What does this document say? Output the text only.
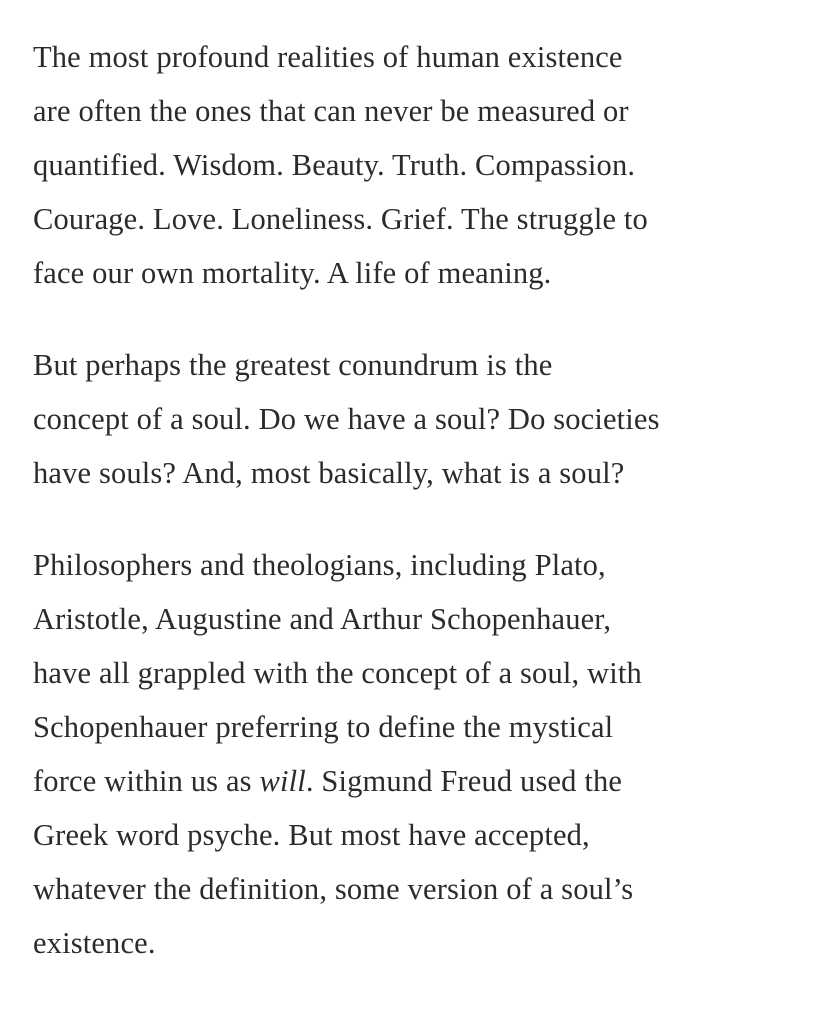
The most profound realities of human existence
are often the ones that can never be measured or
quantified. Wisdom. Beauty. Truth. Compassion.
Courage. Love. Loneliness. Grief. The struggle to
face our own mortality. A life of meaning.

But perhaps the greatest conundrum is the
concept of a soul. Do we have a soul? Do societies
have souls? And, most basically, what is a soul?

Philosophers and theologians, including Plato,
Aristotle, Augustine and Arthur Schopenhauer,
have all grappled with the concept of a soul, with
Schopenhauer preferring to define the mystical
force within us as will. Sigmund Freud used the
Greek word psyche. But most have accepted,
whatever the definition, some version of a soul’s
existence.
